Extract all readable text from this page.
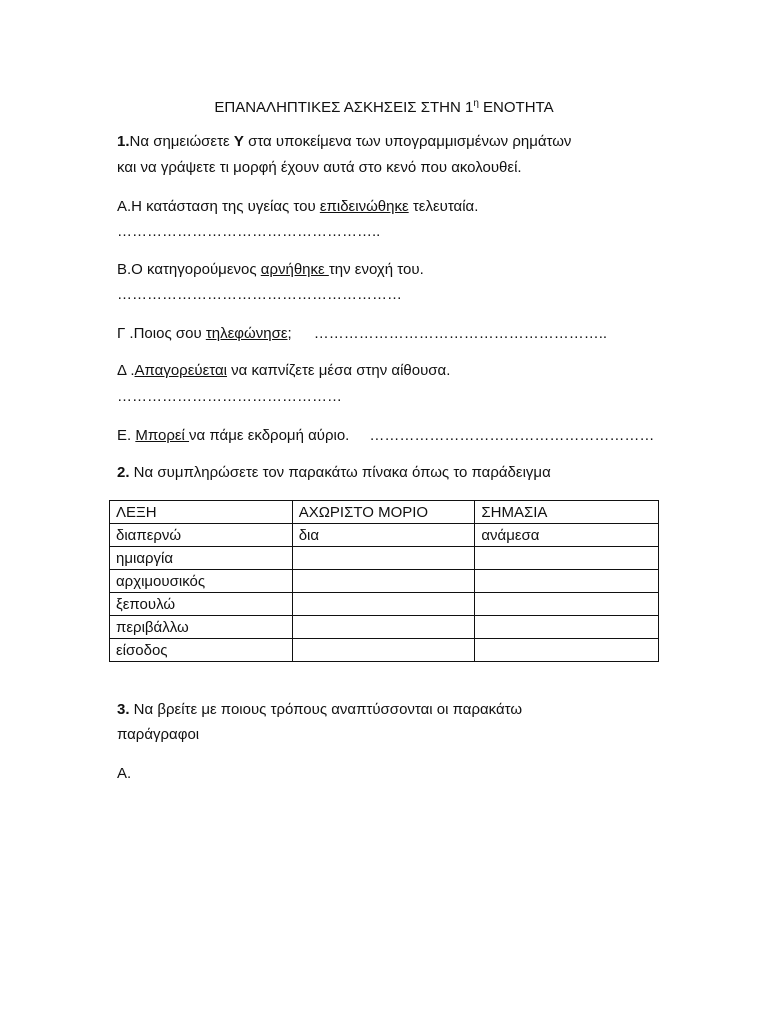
ΕΠΑΝΑΛΗΠΤΙΚΕΣ ΑΣΚΗΣΕΙΣ ΣΤΗΝ $1^\eta$ ΕΝΟΤΗΤΑ
1.Να σημειώσετε Υ στα υποκείμενα των υπογραμμισμένων ρημάτων
και να γράψετε τι μορφή έχουν αυτά στο κενό που ακολουθεί.
Α.Η κατάσταση της υγείας του επιδεινώθηκε τελευταία.
……………………………………………..
Β.Ο κατηγορούμενος αρνήθηκε την ενοχή του.
…………………………………………………
Γ .Ποιος σου τηλεφώνησε; …………………………………………………..
Δ .Απαγορεύεται να καπνίζετε μέσα στην αίθουσα.
………………………………………
Ε. Μπορεί να πάμε εκδρομή αύριο. …………………………………………………
2. Να συμπληρώσετε τον παρακάτω πίνακα όπως το παράδειγμα
ΛΕΞΗ	ΑΧΩΡΙΣΤΟ ΜΟΡΙΟ	ΣΗΜΑΣΙΑ
διαπερνώ	δια	ανάμεσα
ημιαργία		
αρχιμουσικός		
ξεπουλώ		
περιβάλλω		
είσοδος		
3. Να βρείτε με ποιους τρόπους αναπτύσσονται οι παρακάτω
παράγραφοι
Α.
